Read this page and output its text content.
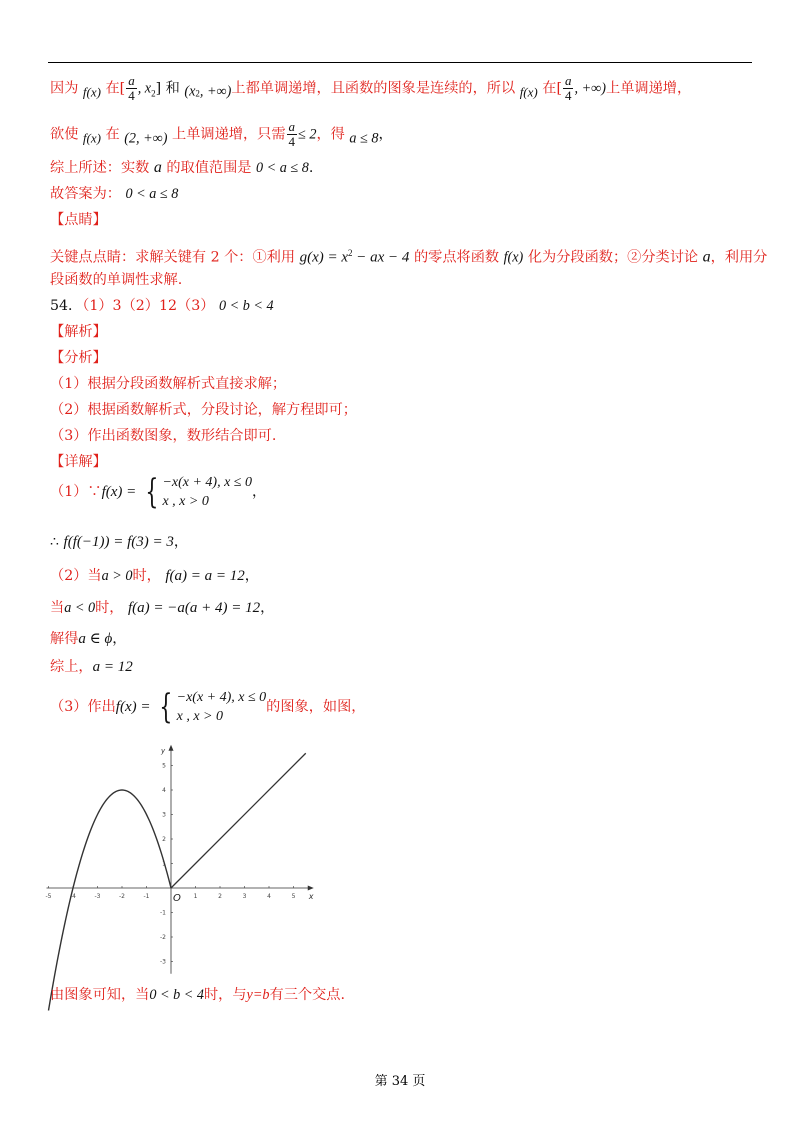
因为 f(x) 在[ $\frac{a}{4}$ , $x_2$] 和 ($x_2$, +∞)上都单调递增，且函数的图象是连续的，所以 f(x) 在[ $\frac{a}{4}$ , +∞)上单调递增，
欲使 f(x) 在 (2, +∞) 上单调递增，只需 $\frac{a}{4} \le 2$，得 a ≤ 8，
综上所述：实数 a 的取值范围是 0 < a ≤ 8.
故答案为： 0 < a ≤ 8
【点睛】
关键点点睛：求解关键有 2 个：①利用 $g(x) = x^2$ − ax − 4 的零点将函数 f(x) 化为分段函数；②分类讨论 a，利用分
段函数的单调性求解.
54．（1）3（2）12（3） 0 < b < 4
【解析】
【分析】
（1）根据分段函数解析式直接求解；
（2）根据函数解析式，分段讨论，解方程即可；
（3）作出函数图象，数形结合即可.
【详解】
（1）∵f(x) = { −x(x + 4), x ≤ 0
x , x > 0
，
∴ f(f(−1)) = f(3) = 3，
（2）当a > 0时， f(a) = a = 12，
当a < 0时， f(a) = −a(a + 4) = 12，
解得a ∈ ϕ，
综上，a = 12
（3）作出f(x) = { −x(x + 4), x ≤ 0
x , x > 0
的图象，如图，
x
y
O
-5	-4	-3	-2	-1	1	2	3	4	5
5
4
3
2
1
-1
-2
-3
由图象可知，当0 < b < 4时，与y=b有三个交点.
第 34 页
